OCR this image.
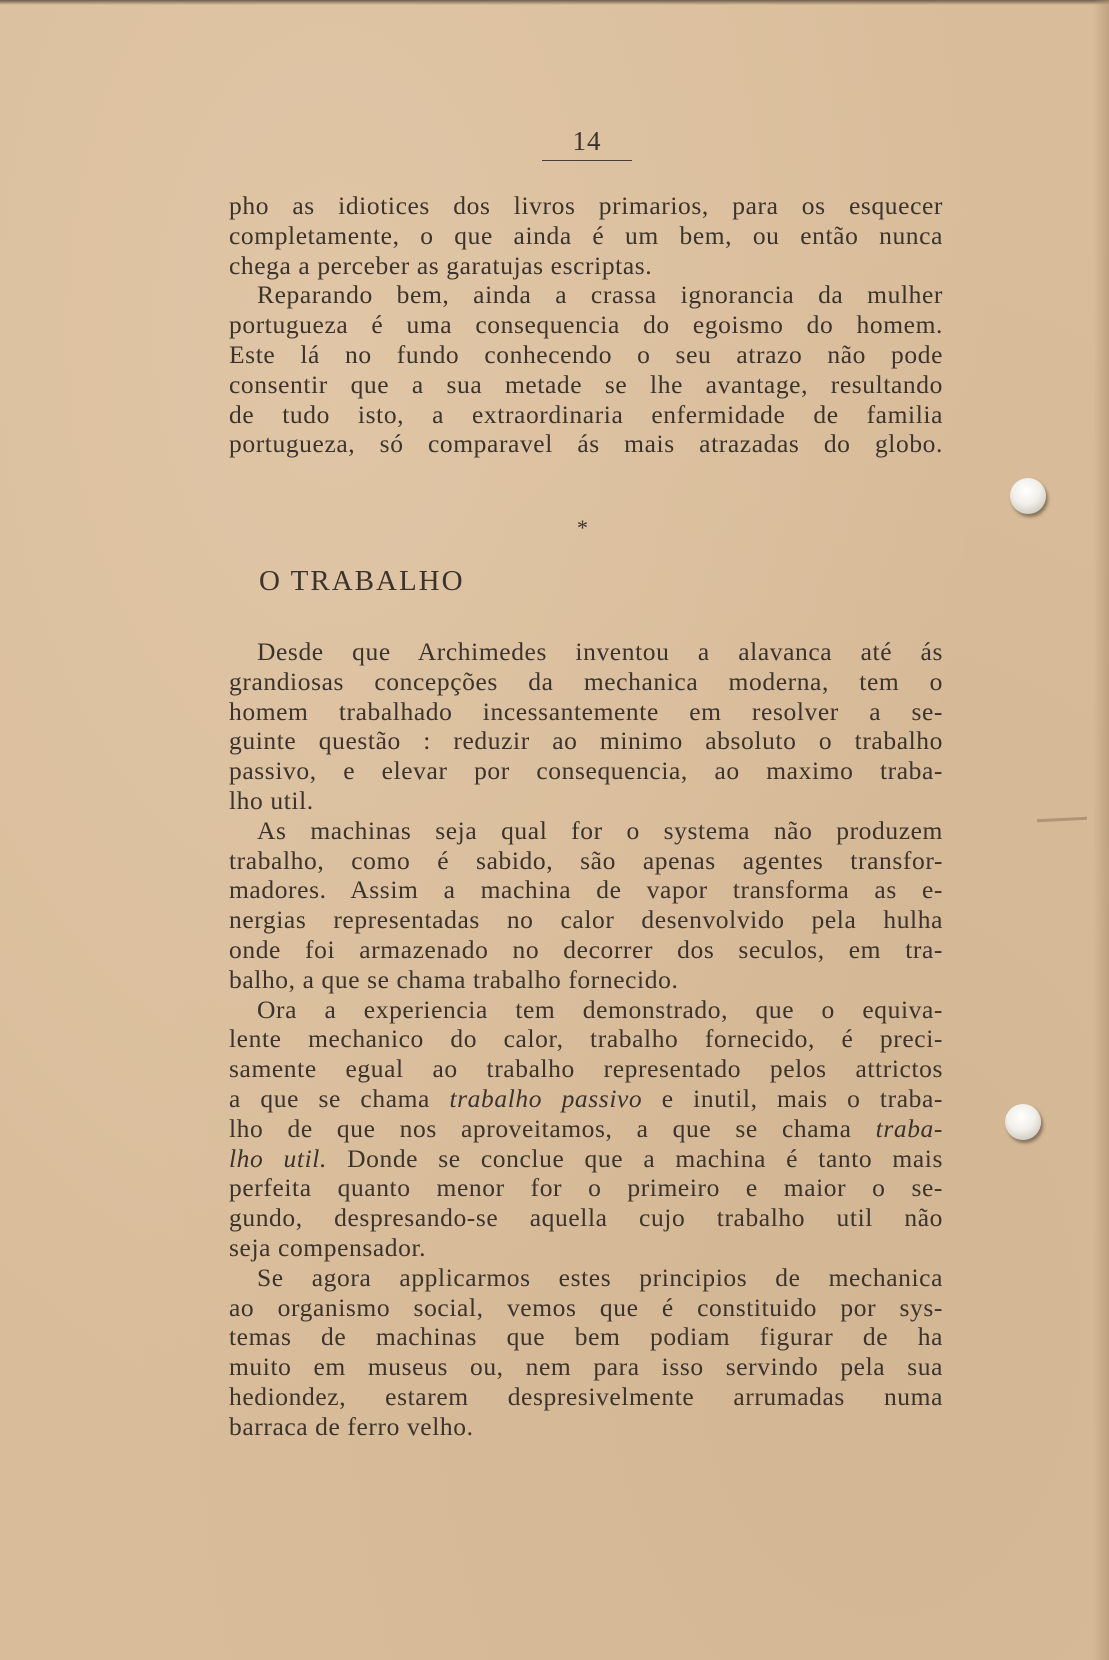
14
pho as idiotices dos livros primarios, para os esquecer
completamente, o que ainda é um bem, ou então nunca
chega a perceber as garatujas escriptas.
Reparando bem, ainda a crassa ignorancia da mulher
portugueza é uma consequencia do egoismo do homem.
Este lá no fundo conhecendo o seu atrazo não pode
consentir que a sua metade se lhe avantage, resultando
de tudo isto, a extraordinaria enfermidade de familia
portugueza, só comparavel ás mais atrazadas do globo.
*
O TRABALHO
Desde que Archimedes inventou a alavanca até ás
grandiosas concepções da mechanica moderna, tem o
homem trabalhado incessantemente em resolver a se-
guinte questão : reduzir ao minimo absoluto o trabalho
passivo, e elevar por consequencia, ao maximo traba-
lho util.
As machinas seja qual for o systema não produzem
trabalho, como é sabido, são apenas agentes transfor-
madores. Assim a machina de vapor transforma as e-
nergias representadas no calor desenvolvido pela hulha
onde foi armazenado no decorrer dos seculos, em tra-
balho, a que se chama trabalho fornecido.
Ora a experiencia tem demonstrado, que o equiva-
lente mechanico do calor, trabalho fornecido, é preci-
samente egual ao trabalho representado pelos attrictos
a que se chama trabalho passivo e inutil, mais o traba-
lho de que nos aproveitamos, a que se chama traba-
lho util. Donde se conclue que a machina é tanto mais
perfeita quanto menor for o primeiro e maior o se-
gundo, despresando-se aquella cujo trabalho util não
seja compensador.
Se agora applicarmos estes principios de mechanica
ao organismo social, vemos que é constituido por sys-
temas de machinas que bem podiam figurar de ha
muito em museus ou, nem para isso servindo pela sua
hediondez, estarem despresivelmente arrumadas numa
barraca de ferro velho.
